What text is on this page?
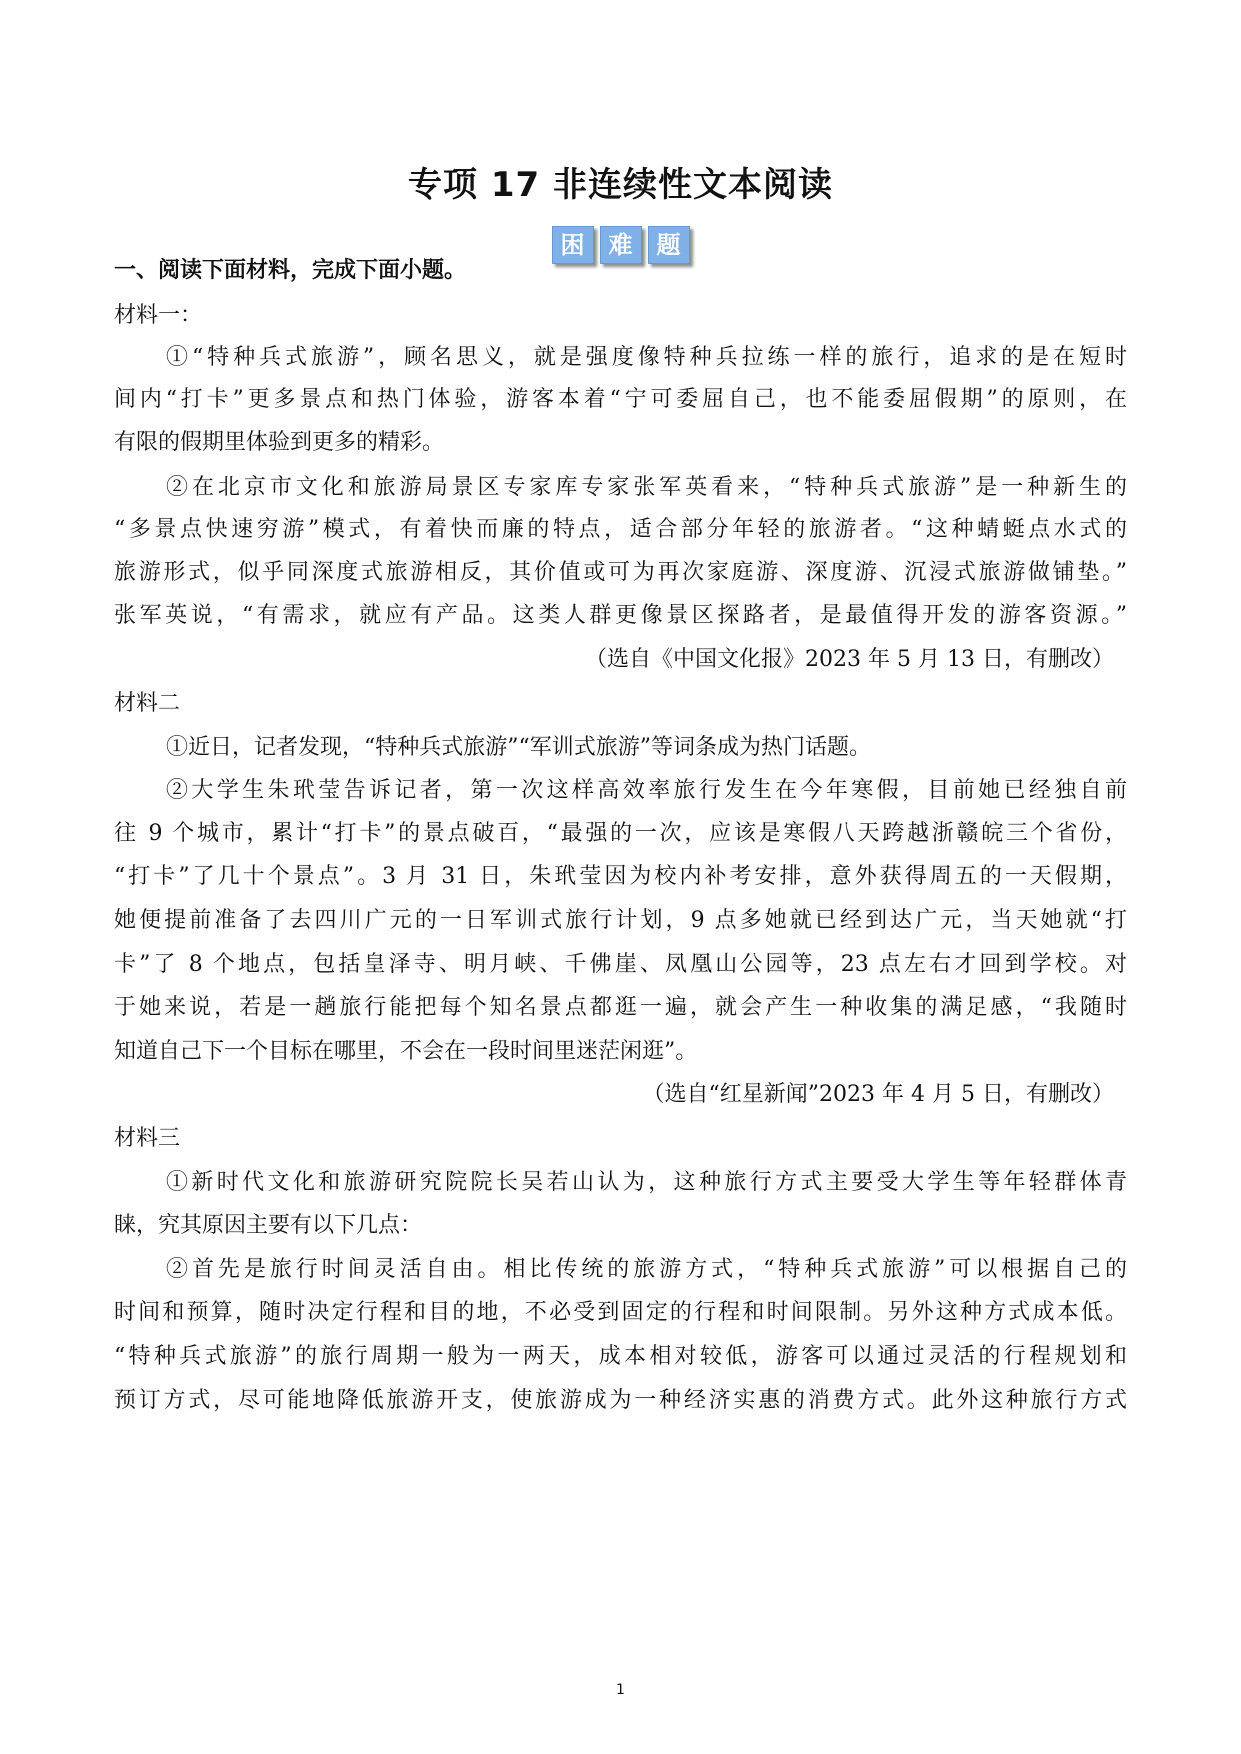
专项 17 非连续性文本阅读
困	难	题
一、阅读下面材料，完成下面小题。
材料一：
①“特种兵式旅游”，顾名思义，就是强度像特种兵拉练一样的旅行，追求的是在短时
间内“打卡”更多景点和热门体验，游客本着“宁可委屈自己，也不能委屈假期”的原则，在
有限的假期里体验到更多的精彩。
②在北京市文化和旅游局景区专家库专家张军英看来，“特种兵式旅游”是一种新生的
“多景点快速穷游”模式，有着快而廉的特点，适合部分年轻的旅游者。“这种蜻蜓点水式的
旅游形式，似乎同深度式旅游相反，其价值或可为再次家庭游、深度游、沉浸式旅游做铺垫。”
张军英说，“有需求，就应有产品。这类人群更像景区探路者，是最值得开发的游客资源。”
（选自《中国文化报》2023 年 5 月 13 日，有删改）
材料二
①近日，记者发现，“特种兵式旅游”“军训式旅游”等词条成为热门话题。
②大学生朱玳莹告诉记者，第一次这样高效率旅行发生在今年寒假，目前她已经独自前
往 9 个城市，累计“打卡”的景点破百，“最强的一次，应该是寒假八天跨越浙赣皖三个省份，
“打卡”了几十个景点”。3 月 31 日，朱玳莹因为校内补考安排，意外获得周五的一天假期，
她便提前准备了去四川广元的一日军训式旅行计划，9 点多她就已经到达广元，当天她就“打
卡”了 8 个地点，包括皇泽寺、明月峡、千佛崖、凤凰山公园等，23 点左右才回到学校。对
于她来说，若是一趟旅行能把每个知名景点都逛一遍，就会产生一种收集的满足感，“我随时
知道自己下一个目标在哪里，不会在一段时间里迷茫闲逛”。
（选自“红星新闻”2023 年 4 月 5 日，有删改）
材料三
①新时代文化和旅游研究院院长吴若山认为，这种旅行方式主要受大学生等年轻群体青
睐，究其原因主要有以下几点：
②首先是旅行时间灵活自由。相比传统的旅游方式，“特种兵式旅游”可以根据自己的
时间和预算，随时决定行程和目的地，不必受到固定的行程和时间限制。另外这种方式成本低。
“特种兵式旅游”的旅行周期一般为一两天，成本相对较低，游客可以通过灵活的行程规划和
预订方式，尽可能地降低旅游开支，使旅游成为一种经济实惠的消费方式。此外这种旅行方式
1
